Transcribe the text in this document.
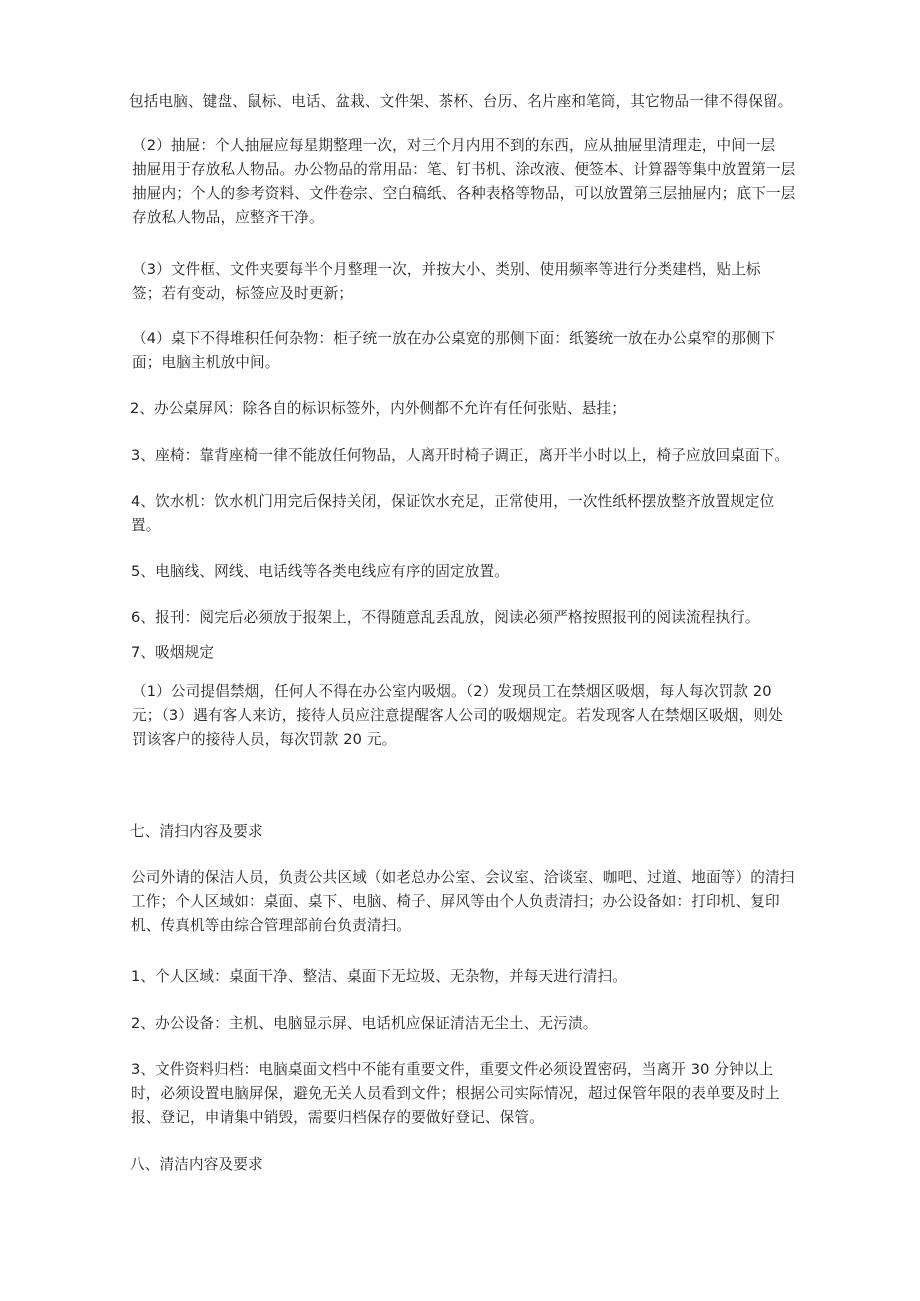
包括电脑、键盘、鼠标、电话、盆栽、文件架、茶杯、台历、名片座和笔筒，其它物品一律不得保留。

（2）抽屉：个人抽屉应每星期整理一次，对三个月内用不到的东西，应从抽屉里清理走，中间一层
抽屉用于存放私人物品。办公物品的常用品：笔、钉书机、涂改液、便签本、计算器等集中放置第一层
抽屉内；个人的参考资料、文件卷宗、空白稿纸、各种表格等物品，可以放置第三层抽屉内；底下一层
存放私人物品，应整齐干净。

（3）文件框、文件夹要每半个月整理一次，并按大小、类别、使用频率等进行分类建档，贴上标
签；若有变动，标签应及时更新；

（4）桌下不得堆积任何杂物：柜子统一放在办公桌宽的那侧下面：纸篓统一放在办公桌窄的那侧下
面；电脑主机放中间。

2、办公桌屏风：除各自的标识标签外，内外侧都不允许有任何张贴、悬挂；

3、座椅：靠背座椅一律不能放任何物品，人离开时椅子调正，离开半小时以上，椅子应放回桌面下。

4、饮水机：饮水机门用完后保持关闭，保证饮水充足，正常使用，一次性纸杯摆放整齐放置规定位
置。

5、电脑线、网线、电话线等各类电线应有序的固定放置。

6、报刊：阅完后必须放于报架上，不得随意乱丢乱放，阅读必须严格按照报刊的阅读流程执行。

7、吸烟规定

（1）公司提倡禁烟，任何人不得在办公室内吸烟。（2）发现员工在禁烟区吸烟，每人每次罚款 20
元；（3）遇有客人来访，接待人员应注意提醒客人公司的吸烟规定。若发现客人在禁烟区吸烟，则处
罚该客户的接待人员，每次罚款 20 元。

七、清扫内容及要求

公司外请的保洁人员，负责公共区域（如老总办公室、会议室、洽谈室、咖吧、过道、地面等）的清扫
工作；个人区域如：桌面、桌下、电脑、椅子、屏风等由个人负责清扫；办公设备如：打印机、复印
机、传真机等由综合管理部前台负责清扫。

1、个人区域：桌面干净、整洁、桌面下无垃圾、无杂物，并每天进行清扫。

2、办公设备：主机、电脑显示屏、电话机应保证清洁无尘土、无污渍。

3、文件资料归档：电脑桌面文档中不能有重要文件，重要文件必须设置密码，当离开 30 分钟以上
时，必须设置电脑屏保，避免无关人员看到文件；根据公司实际情况，超过保管年限的表单要及时上
报、登记，申请集中销毁，需要归档保存的要做好登记、保管。

八、清洁内容及要求
